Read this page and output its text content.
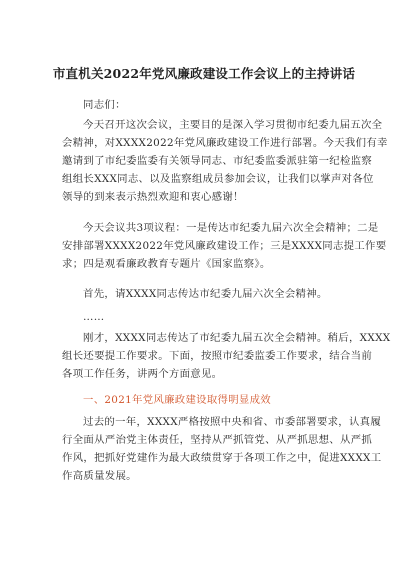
市直机关2022年党风廉政建设工作会议上的主持讲话
同志们：
今天召开这次会议，主要目的是深入学习贯彻市纪委九届五次全
会精神，对XXXX2022年党风廉政建设工作进行部署。今天我们有幸
邀请到了市纪委监委有关领导同志、市纪委监委派驻第一纪检监察
组组长XXX同志、以及监察组成员参加会议，让我们以掌声对各位
领导的到来表示热烈欢迎和衷心感谢！
今天会议共3项议程：一是传达市纪委九届六次全会精神；二是
安排部署XXXX2022年党风廉政建设工作；三是XXXX同志提工作要
求；四是观看廉政教育专题片《国家监察》。
首先，请XXXX同志传达市纪委九届六次全会精神。
……
刚才，XXXX同志传达了市纪委九届五次全会精神。稍后，XXXX
组长还要提工作要求。下面，按照市纪委监委工作要求，结合当前
各项工作任务，讲两个方面意见。
一、2021年党风廉政建设取得明显成效
过去的一年，XXXX严格按照中央和省、市委部署要求，认真履
行全面从严治党主体责任，坚持从严抓管党、从严抓思想、从严抓
作风，把抓好党建作为最大政绩贯穿于各项工作之中，促进XXXX工
作高质量发展。
